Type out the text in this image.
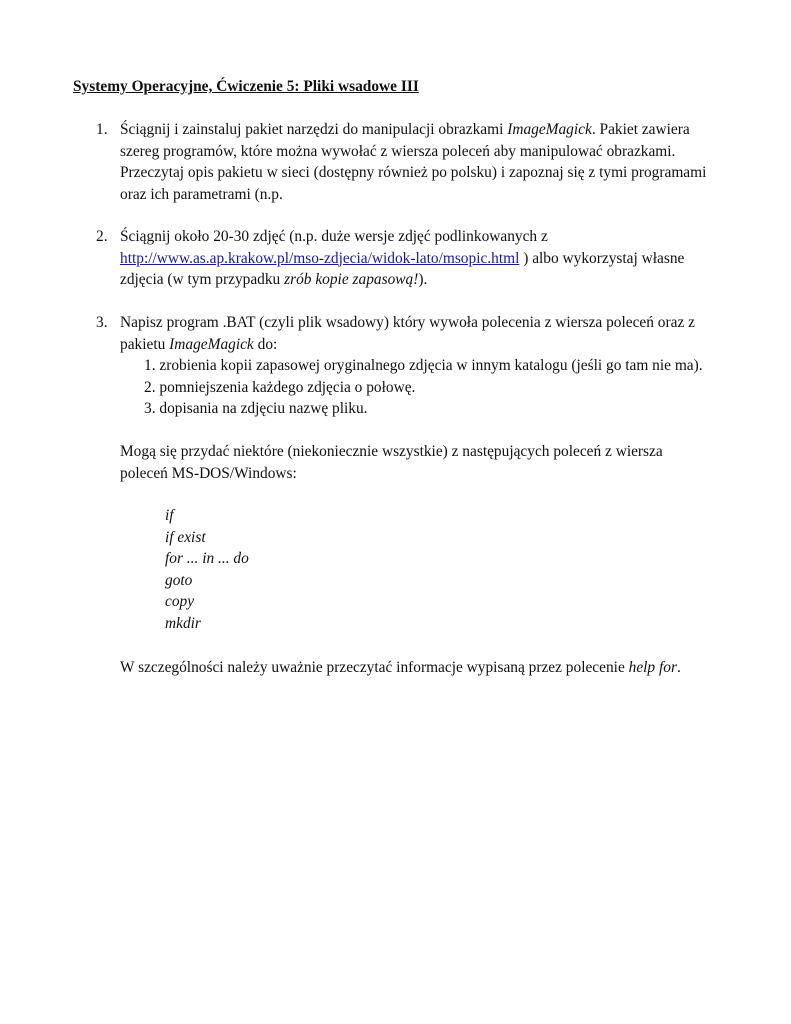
Systemy Operacyjne, Ćwiczenie 5: Pliki wsadowe III
1. Ściągnij i zainstaluj pakiet narzędzi do manipulacji obrazkami ImageMagick. Pakiet zawiera
szereg programów, które można wywołać z wiersza poleceń aby manipulować obrazkami.
Przeczytaj opis pakietu w sieci (dostępny również po polsku) i zapoznaj się z tymi programami
oraz ich parametrami (n.p.
2. Ściągnij około 20-30 zdjęć (n.p. duże wersje zdjęć podlinkowanych z
http://www.as.ap.krakow.pl/mso-zdjecia/widok-lato/msopic.html ) albo wykorzystaj własne
zdjęcia (w tym przypadku zrób kopie zapasową!).
3. Napisz program .BAT (czyli plik wsadowy) który wywoła polecenia z wiersza poleceń oraz z
pakietu ImageMagick do:
1. zrobienia kopii zapasowej oryginalnego zdjęcia w innym katalogu (jeśli go tam nie ma).
2. pomniejszenia każdego zdjęcia o połowę.
3. dopisania na zdjęciu nazwę pliku.
Mogą się przydać niektóre (niekoniecznie wszystkie) z następujących poleceń z wiersza
poleceń MS-DOS/Windows:
if
if exist
for ... in ... do
goto
copy
mkdir
W szczególności należy uważnie przeczytać informacje wypisaną przez polecenie help for.
